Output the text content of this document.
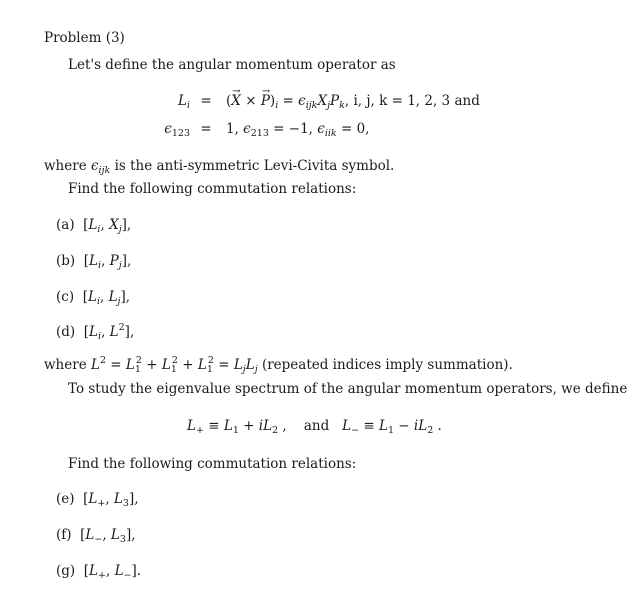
Problem (3)
Let's define the angular momentum operator as
$L_i$ =	(→ X × → $P)_i = \epsilon_{ijk}X_jP_k$, i, j, k = 1, 2, 3 and
$\epsilon_{123}$ =	1, $\epsilon_{213} = -1$, $\epsilon_{iik} = 0$,
where $\epsilon_{ijk}$ is the anti-symmetric Levi-Civita symbol.
Find the following commutation relations:
(a)  [$L_i$, $X_j$],
(b)  [$L_i$, $P_j$],
(c)  [$L_i$, $L_j$],
(d)  [$L_i$, $L^2$],
where $L^2 = L_1^2 + L_1^2 + L_1^2 = L_jL_j$ (repeated indices imply summation).
To study the eigenvalue spectrum of the angular momentum operators, we define
$L_+ \equiv L_1 + iL_2$ ,    and $L_- \equiv L_1 - iL_2$ .
Find the following commutation relations:
(e)  [$L_+$, $L_3$],
(f)  [$L_-$, $L_3$],
(g)  [$L_+$, $L_-$].
